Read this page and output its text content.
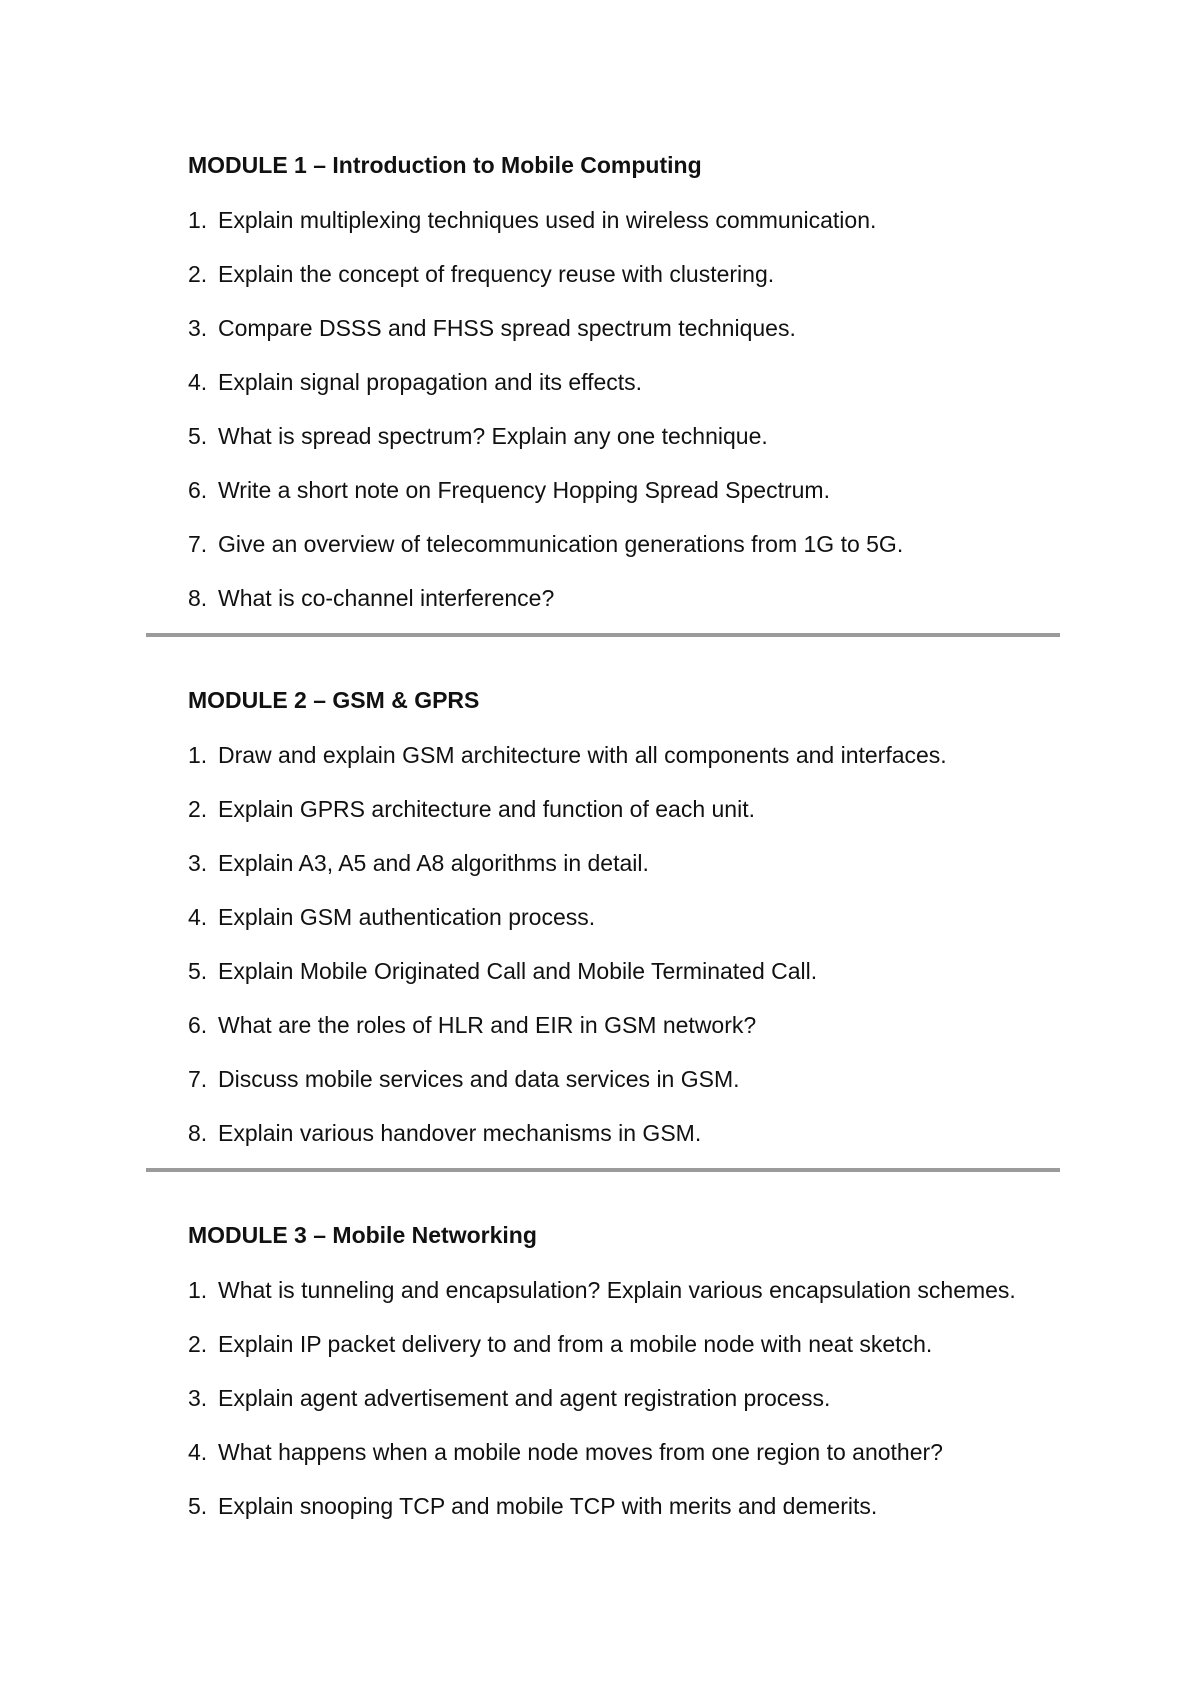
MODULE 1 – Introduction to Mobile Computing
1. Explain multiplexing techniques used in wireless communication.
2. Explain the concept of frequency reuse with clustering.
3. Compare DSSS and FHSS spread spectrum techniques.
4. Explain signal propagation and its effects.
5. What is spread spectrum? Explain any one technique.
6. Write a short note on Frequency Hopping Spread Spectrum.
7. Give an overview of telecommunication generations from 1G to 5G.
8. What is co-channel interference?
MODULE 2 – GSM & GPRS
1. Draw and explain GSM architecture with all components and interfaces.
2. Explain GPRS architecture and function of each unit.
3. Explain A3, A5 and A8 algorithms in detail.
4. Explain GSM authentication process.
5. Explain Mobile Originated Call and Mobile Terminated Call.
6. What are the roles of HLR and EIR in GSM network?
7. Discuss mobile services and data services in GSM.
8. Explain various handover mechanisms in GSM.
MODULE 3 – Mobile Networking
1. What is tunneling and encapsulation? Explain various encapsulation schemes.
2. Explain IP packet delivery to and from a mobile node with neat sketch.
3. Explain agent advertisement and agent registration process.
4. What happens when a mobile node moves from one region to another?
5. Explain snooping TCP and mobile TCP with merits and demerits.
